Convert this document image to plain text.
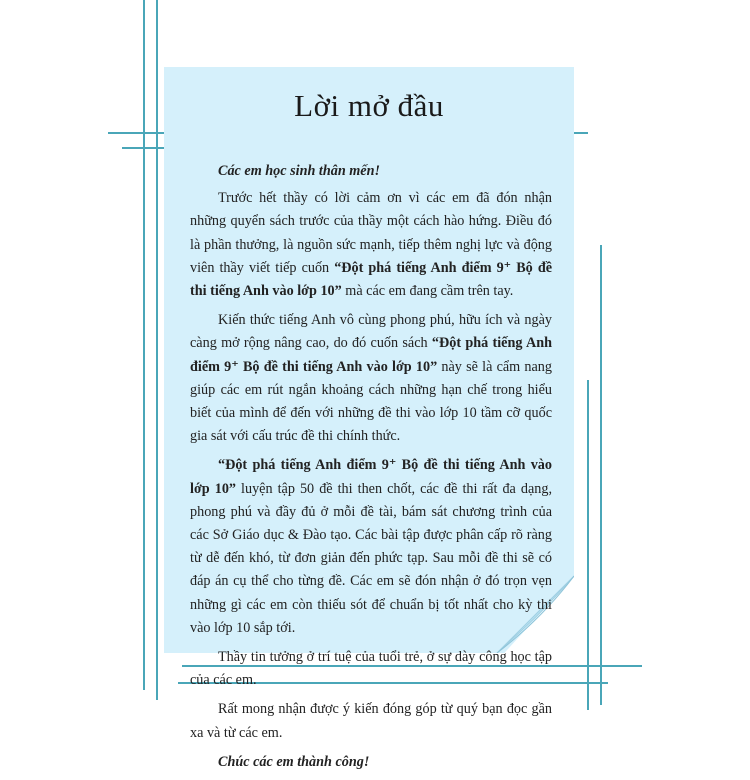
Lời mở đầu

Các em học sinh thân mến!

Trước hết thầy có lời cảm ơn vì các em đã đón nhận những quyển sách trước của thầy một cách hào hứng. Điều đó là phần thưởng, là nguồn sức mạnh, tiếp thêm nghị lực và động viên thầy viết tiếp cuốn “Đột phá tiếng Anh điểm 9⁺ Bộ đề thi tiếng Anh vào lớp 10” mà các em đang cầm trên tay.

Kiến thức tiếng Anh vô cùng phong phú, hữu ích và ngày càng mở rộng nâng cao, do đó cuốn sách “Đột phá tiếng Anh điểm 9⁺ Bộ đề thi tiếng Anh vào lớp 10” này sẽ là cẩm nang giúp các em rút ngắn khoảng cách những hạn chế trong hiểu biết của mình để đến với những đề thi vào lớp 10 tầm cỡ quốc gia sát với cấu trúc đề thi chính thức.

“Đột phá tiếng Anh điểm 9⁺ Bộ đề thi tiếng Anh vào lớp 10” luyện tập 50 đề thi then chốt, các đề thi rất đa dạng, phong phú và đầy đủ ở mỗi đề tài, bám sát chương trình của các Sở Giáo dục & Đào tạo. Các bài tập được phân cấp rõ ràng từ dễ đến khó, từ đơn giản đến phức tạp. Sau mỗi đề thi sẽ có đáp án cụ thể cho từng đề. Các em sẽ đón nhận ở đó trọn vẹn những gì các em còn thiếu sót để chuẩn bị tốt nhất cho kỳ thi vào lớp 10 sắp tới.

Thầy tin tưởng ở trí tuệ của tuổi trẻ, ở sự dày công học tập của các em.

Rất mong nhận được ý kiến đóng góp từ quý bạn đọc gần xa và từ các em.

Chúc các em thành công!
